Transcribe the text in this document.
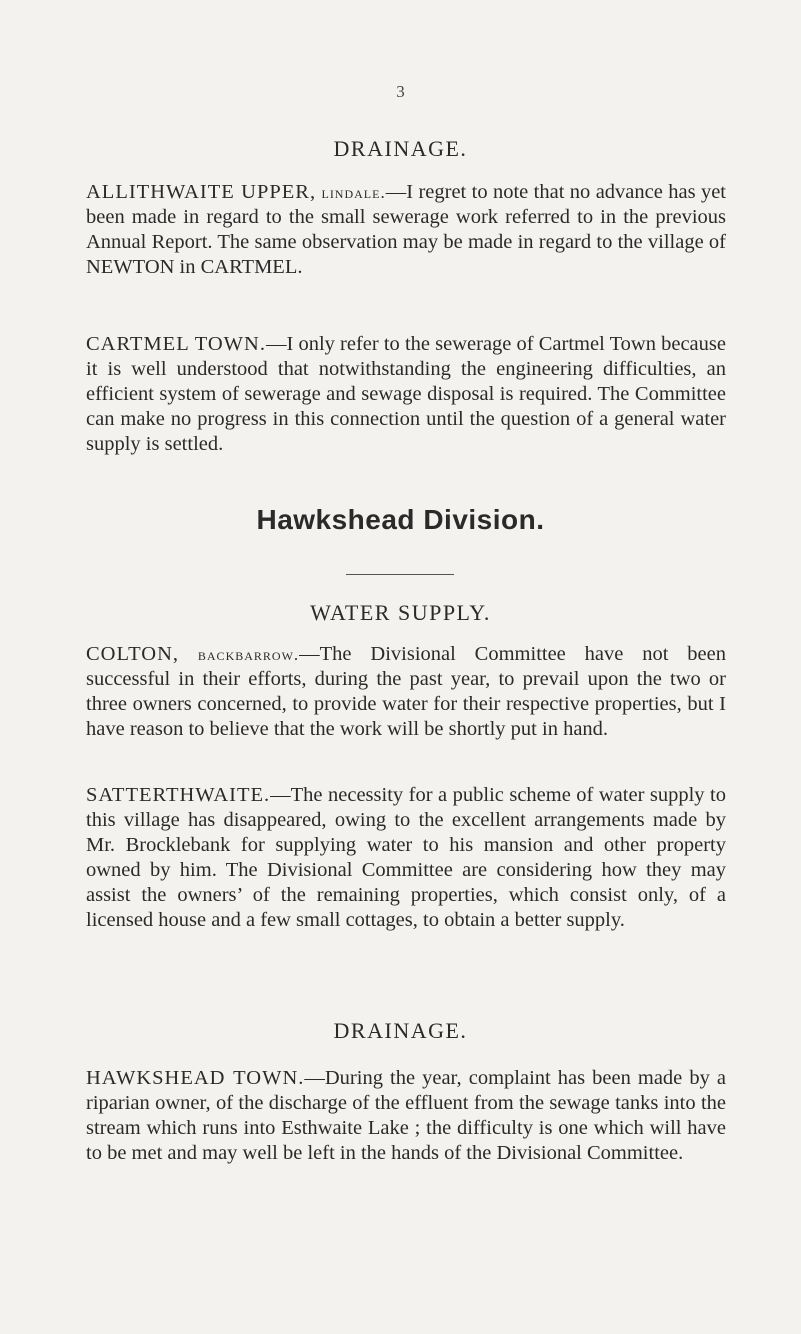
3
DRAINAGE.

ALLITHWAITE UPPER, lindale.—I regret to note that no advance has yet been made in regard to the small sewerage work referred to in the previous Annual Report. The same observation may be made in regard to the village of NEWTON in CARTMEL.

CARTMEL TOWN.—I only refer to the sewerage of Cartmel Town because it is well understood that notwithstanding the engineering difficulties, an efficient system of sewerage and sewage disposal is required. The Committee can make no progress in this connection until the question of a general water supply is settled.

Hawkshead Division.
WATER SUPPLY.

COLTON, backbarrow.—The Divisional Committee have not been successful in their efforts, during the past year, to prevail upon the two or three owners concerned, to provide water for their respective properties, but I have reason to believe that the work will be shortly put in hand.

SATTERTHWAITE.—The necessity for a public scheme of water supply to this village has disappeared, owing to the excellent arrangements made by Mr. Brocklebank for supplying water to his mansion and other property owned by him. The Divisional Committee are considering how they may assist the owners’ of the remaining properties, which consist only, of a licensed house and a few small cottages, to obtain a better supply.

DRAINAGE.

HAWKSHEAD TOWN.—During the year, complaint has been made by a riparian owner, of the discharge of the effluent from the sewage tanks into the stream which runs into Esthwaite Lake ; the difficulty is one which will have to be met and may well be left in the hands of the Divisional Committee.
